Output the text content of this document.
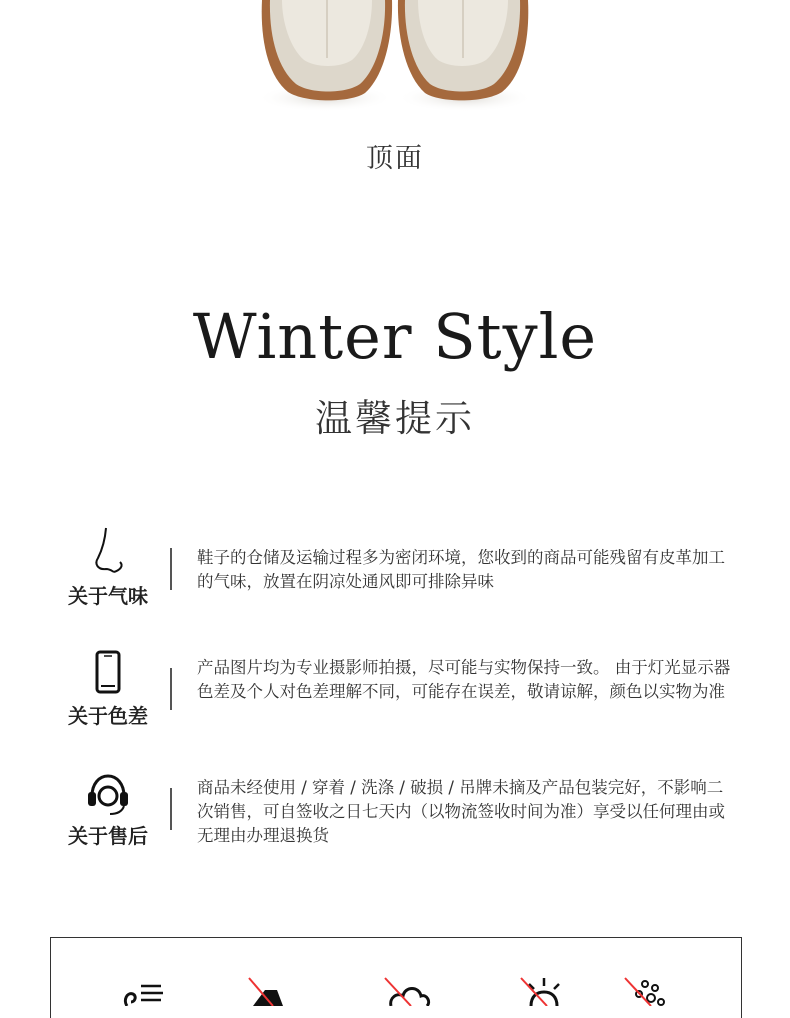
顶面
Winter Style
温馨提示
关于气味
鞋子的仓储及运输过程多为密闭环境，您收到的商品可能残留有皮革加工的气味，放置在阴凉处通风即可排除异味
关于色差
产品图片均为专业摄影师拍摄，尽可能与实物保持一致。 由于灯光显示器色差及个人对色差理解不同，可能存在误差，敬请谅解，颜色以实物为准
关于售后
商品未经使用 / 穿着 / 洗涤 / 破损 / 吊牌未摘及产品包装完好，不影响二次销售，可自签收之日七天内（以物流签收时间为准）享受以任何理由或无理由办理退换货
